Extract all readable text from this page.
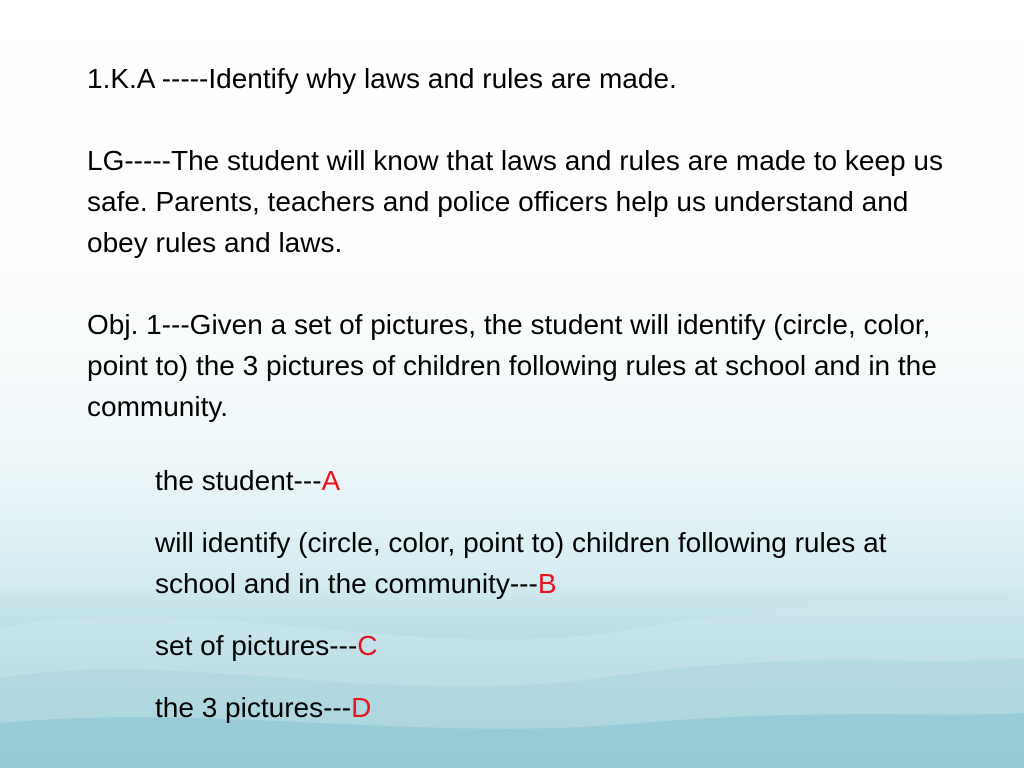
1.K.A -----Identify why laws and rules are made.

LG-----The student will know that laws and rules are made to keep us safe. Parents, teachers and police officers help us understand and obey rules and laws.

Obj. 1---Given a set of pictures, the student will identify (circle, color, point to) the 3 pictures of children following rules at school and in the community.

the student---A

will identify (circle, color, point to) children following rules at school and in the community---B

set of pictures---C

the 3 pictures---D
